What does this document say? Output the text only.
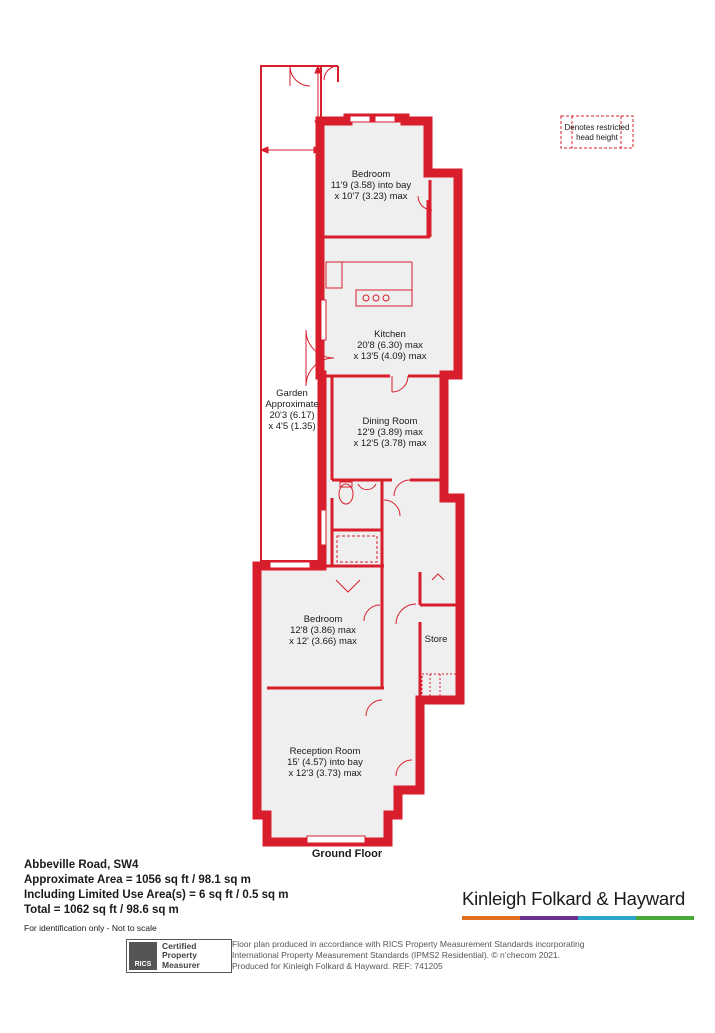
Denotes restricted
head height
Bedroom
11'9 (3.58) into bay
x 10'7 (3.23) max
Kitchen
20'8 (6.30) max
x 13'5 (4.09) max
Dining Room
12'9 (3.89) max
x 12'5 (3.78) max
Garden
Approximate
20'3 (6.17)
x 4'5 (1.35)
Bedroom
12'8 (3.86) max
x 12' (3.66) max	Store
Reception Room
15' (4.57) into bay
x 12'3 (3.73) max
Ground Floor
Abbeville Road, SW4
Approximate Area = 1056 sq ft / 98.1 sq m
Including Limited Use Area(s) = 6 sq ft / 0.5 sq m
Total = 1062 sq ft / 98.6 sq m
For identification only - Not to scale
Kinleigh Folkard & Hayward
RICS
Certified
Property
Measurer
Floor plan produced in accordance with RICS Property Measurement Standards incorporating
International Property Measurement Standards (IPMS2 Residential). © n’checom 2021.
Produced for Kinleigh Folkard & Hayward. REF: 741205
